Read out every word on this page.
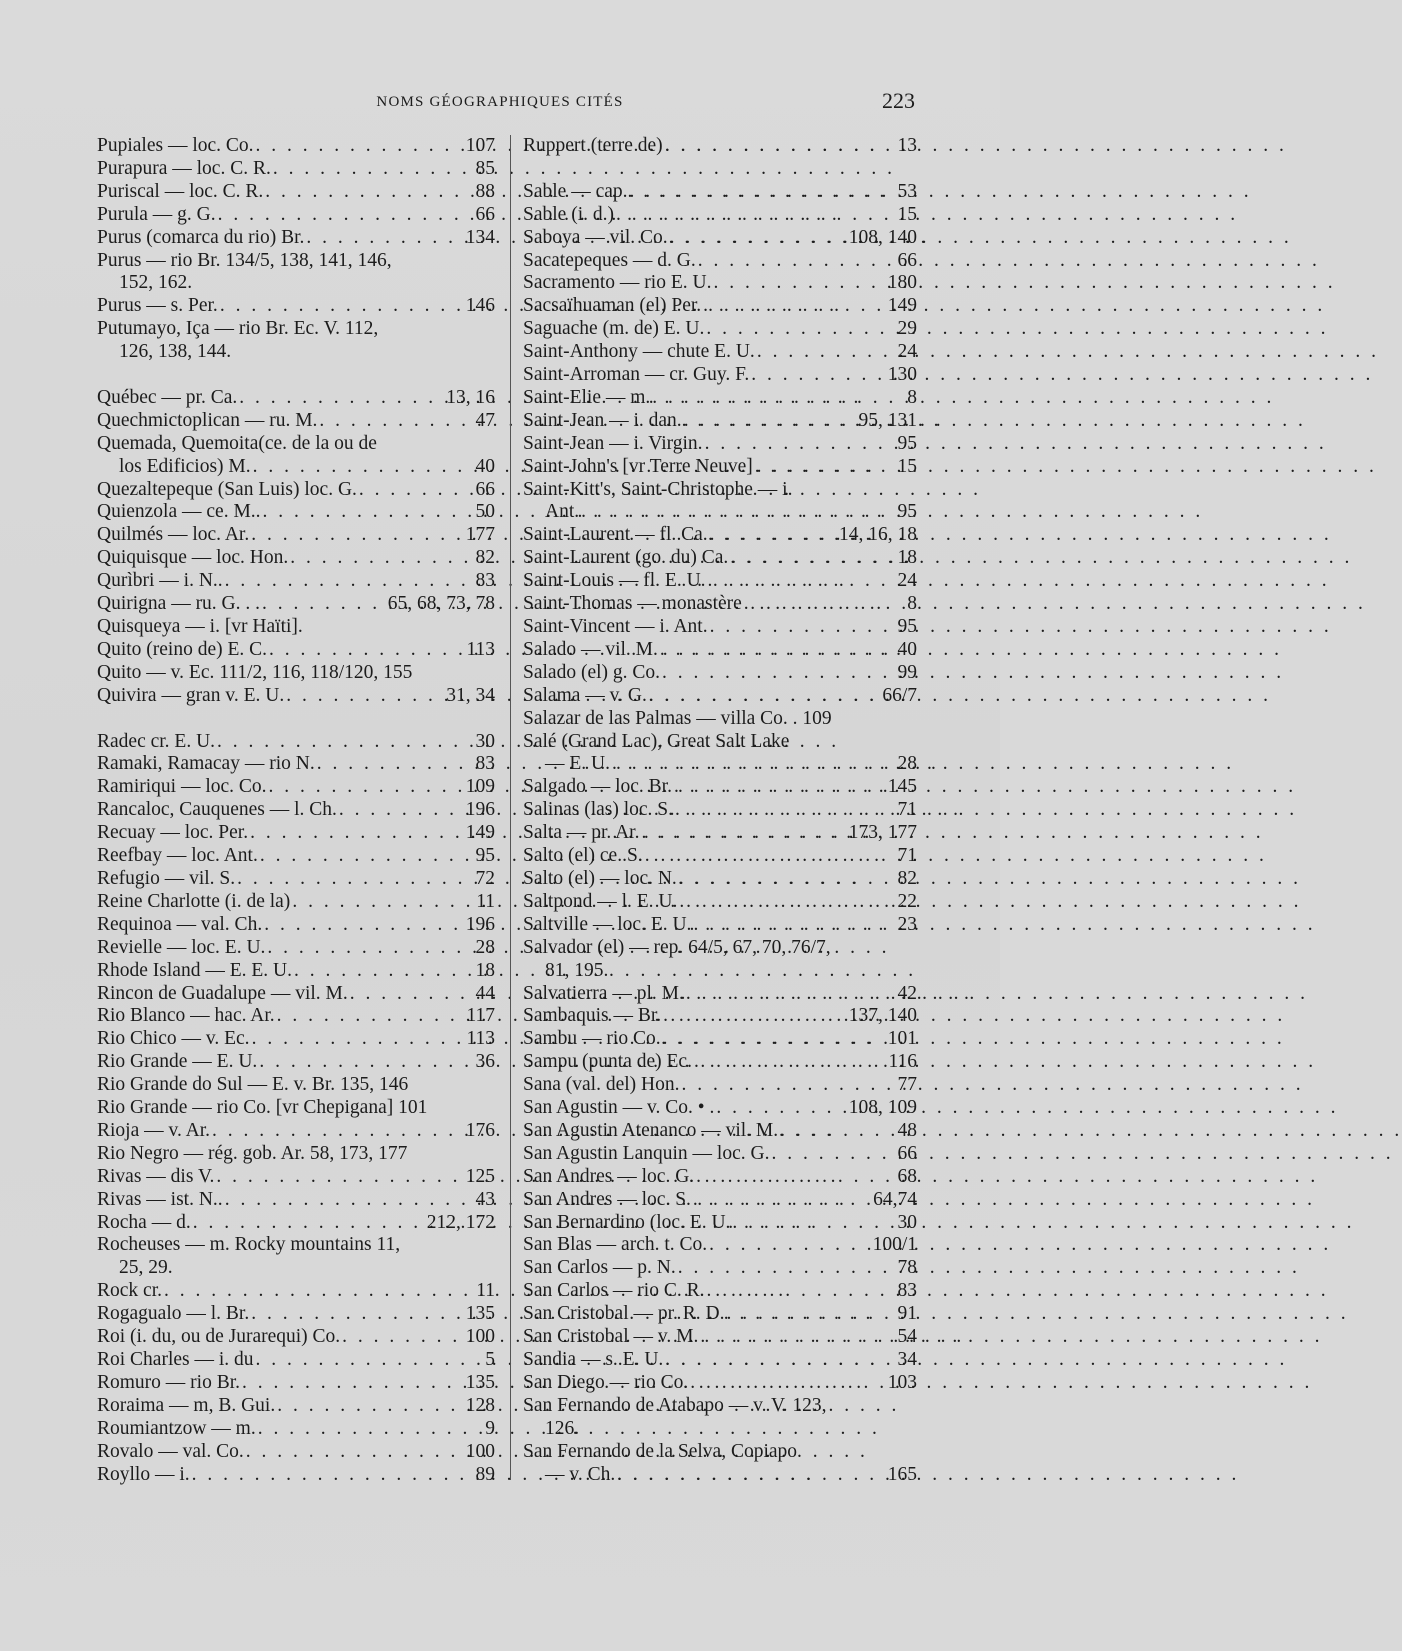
NOMS GÉOGRAPHIQUES CITÉS	223
Pupiales — loc. Co. . . .	107
Purapura — loc. C. R. . . .	85
Puriscal — loc. C. R. . . .	88
Purula — g. G. . . .	66
Purus (comarca du rio) Br. . . .	134
Purus — rio Br. 134/5, 138, 141, 146,
152, 162.
Purus — s. Per. . . .	146
Putumayo, Iça — rio Br. Ec. V. 112,
126, 138, 144.
Québec — pr. Ca. . . .	13, 16
Quechmictoplican — ru. M. . . .	47
Quemada, Quemoita(ce. de la ou de
los Edificios) M. . . .	40
Quezaltepeque (San Luis) loc. G. . . .	66
Quienzola — ce. M.. . . .	50
Quilmés — loc. Ar. . . .	177
Quiquisque — loc. Hon. . . .	82
Qurìbri — i. N.. . . .	83
Quirigna — ru. G. . . . . .	65, 68, 73, 78
Quisqueya — i. [vr Haïti].
Quito (reino de) E. C. . . .	113
Quito — v. Ec. 111/2, 116, 118/120, 155
Quivira — gran v. E. U. . . .	31, 34
Radec cr. E. U. . . .	30
Ramaki, Ramacay — rio N. . . .	83
Ramiriqui — loc. Co. . . .	109
Rancaloc, Cauquenes — l. Ch. . . .	196
Recuay — loc. Per. . . .	149
Reefbay — loc. Ant. . . .	95
Refugio — vil. S. . . .	72
Reine Charlotte (i. de la) . . .	11
Requinoa — val. Ch. . . .	196
Revielle — loc. E. U. . . .	28
Rhode Island — E. E. U. . . .	18
Rincon de Guadalupe — vil. M. . . .	44
Rio Blanco — hac. Ar. . . .	117
Rio Chico — v. Ec. . . .	113
Rio Grande — E. U. . . .	36
Rio Grande do Sul — E. v. Br. 135, 146
Rio Grande — rio Co. [vr Chepigana] 101
Rioja — v. Ar. . . .	176
Rio Negro — rég. gob. Ar. 58, 173, 177
Rivas — dis V. . . .	125
Rivas — ist. N.. . . .	43
Rocha — d. . . .	212, 172
Rocheuses — m. Rocky mountains 11,
25, 29.
Rock cr. . . .	11
Rogagualo — l. Br. . . .	135
Roi (i. du, ou de Jurarequi) Co. . . .	100
Roi Charles — i. du . . .	5
Romuro — rio Br. . . .	135
Roraima — m, B. Gui. . . .	128
Roumiantzow — m. . . .	9
Rovalo — val. Co. . . .	100
Royllo — i. . . .	89
Ruppert (terre de) . . .	13
Sable — cap. . . .	53
Sable (i. d.) . . .	15
Saboya — vil. Co. . . .	108, 140
Sacatepeques — d. G. . . .	66
Sacramento — rio E. U. . . .	180
Sacsaïhuaman (el) Per. . . .	149
Saguache (m. de) E. U. . . .	29
Saint-Anthony — chute E. U. . . .	24
Saint-Arroman — cr. Guy. F. . . .	130
Saint-Elie — m. . . .	8
Saint-Jean — i. dan. . . .	95, 131
Saint-Jean — i. Virgin. . . .	95
Saint-John's [vr Terre Neuve] . . .	15
Saint-Kitt's, Saint-Christophe — i.
Ant. . . .	95
Saint-Laurent — fl. Ca. . . .	14, 16, 18
Saint-Laurent (go. du) Ca. . . .	18
Saint-Louis — fl. E. U. . . .	24
Saint-Thomas — monastère . . .	8
Saint-Vincent — i. Ant. . . .	95
Salado — vil. M. . . .	40
Salado (el) g. Co. . . .	99
Salama — v. G. . . .	66/7
Salazar de las Palmas — villa Co. . 109
Salé (Grand Lac), Great Salt Lake
— E. U. . . .	28
Salgado — loc. Br. . . .	145
Salinas (las) loc. S. . . .	71
Salta — pr. Ar. . . .	173, 177
Salto (el) ce. S. . . .	71
Salto (el) — loc. N. . . .	82
Saltpond — l. E. U. . . .	22
Saltville — loc. E. U. . . .	23
Salvador (el) — rep. 64/5, 67, 70, 76/7,
81, 195.
Salvatierra — pl. M. . . .	42
Sambaquis — Br. . . .	137, 140
Sambu — rio Co. . . .	101
Sampu (punta de) Ec. . . .	116
Sana (val. del) Hon. . . .	77
San Agustin — v. Co. • . . . .	108, 109
San Agustin Atenanco — vil. M. . . .	48
San Agustin Lanquin — loc. G. . . .	66
San Andres — loc. G. . . .	68
San Andres — loc. S. . . .	64,74
San Bernardino (loc. E. U. . . .	30
San Blas — arch. t. Co. . . .	100/1
San Carlos — p. N. . . .	78
San Carlos — rio C. R. . . .	83
San Cristobal — pr. R. D. . . .	91
San Cristobal — v. M. . . .	54
Sandia — s. E. U. . . .	34
San Diego — rio Co. . . .	103
San Fernando de Atabapo — v. V. 123,
126.
San Fernando de la Selva, Copiapo
— v. Ch. . . .	165
